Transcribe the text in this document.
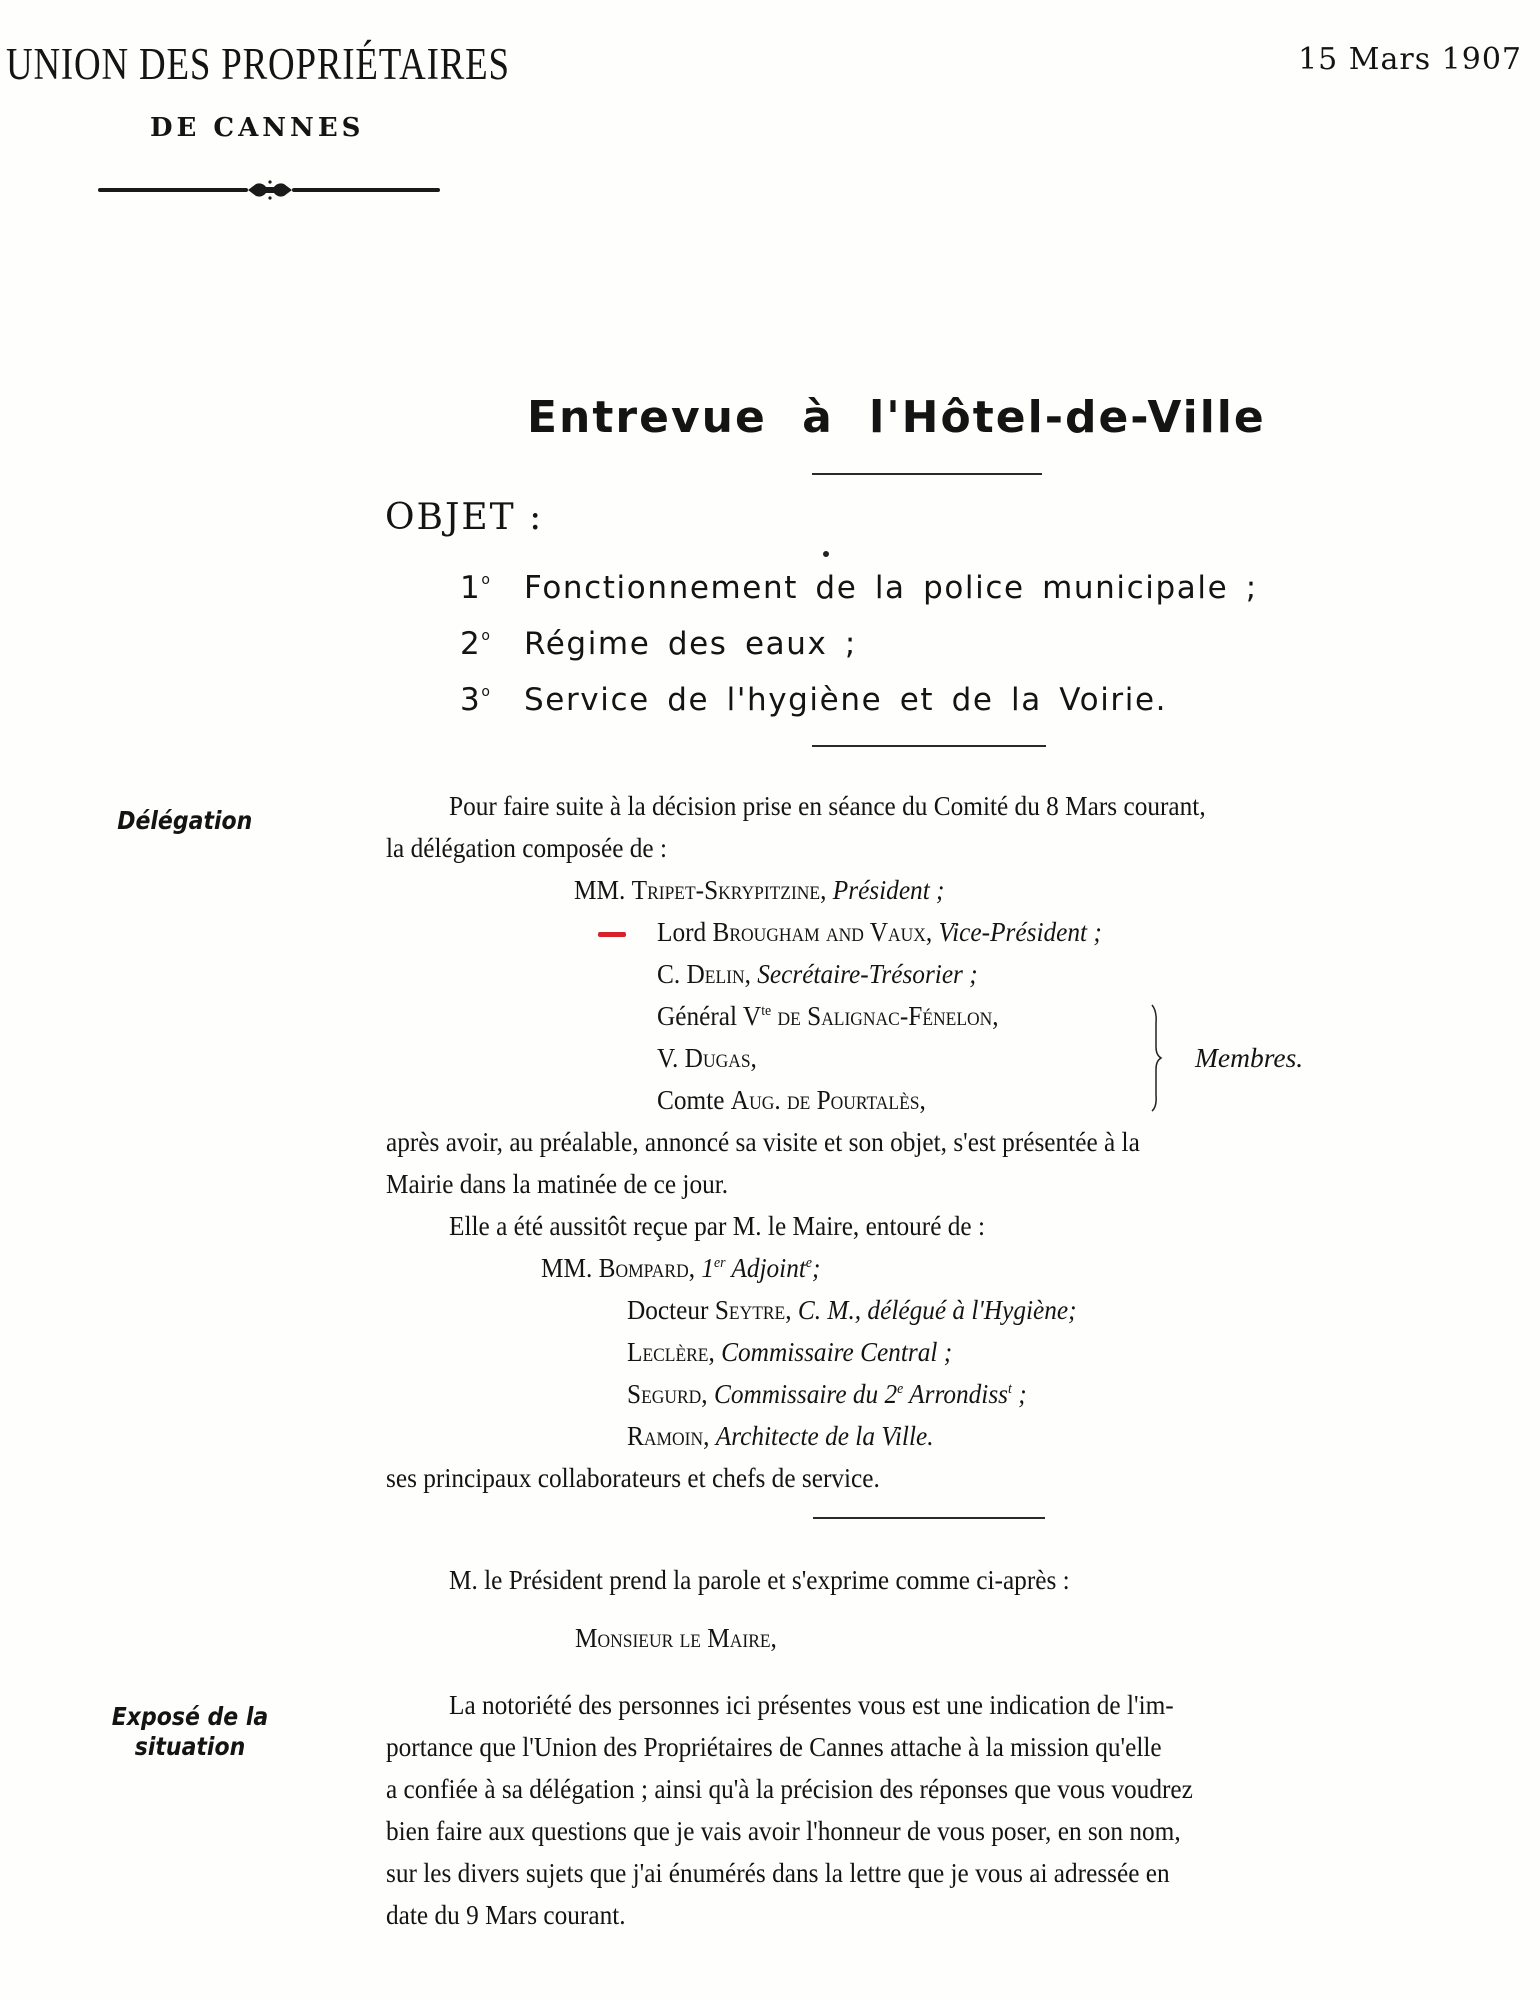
UNION DES PROPRIÉTAIRES
DE CANNES
15 Mars 1907
Entrevue à l'Hôtel-de-Ville
OBJET :
1$^o$ Fonctionnement de la police municipale ;
2$^o$ Régime des eaux ;
3$^o$ Service de l'hygiène et de la Voirie.
Délégation
Exposé de la
situation
Pour faire suite à la décision prise en séance du Comité du 8 Mars courant,
la délégation composée de :
MM. Tripet-Skrypitzine, Président ;
Lord Brougham and Vaux, Vice-Président ;
C. Delin, Secrétaire-Trésorier ;
Général $V^{te}$ de Salignac-Fénelon,
V. Dugas,
Comte Aug. de Pourtalès,
Membres.
après avoir, au préalable, annoncé sa visite et son objet, s'est présentée à la
Mairie dans la matinée de ce jour.
Elle a été aussitôt reçue par M. le Maire, entouré de :
MM. Bompard, 1er Adjoint$^e$;
Docteur Seytre, C. M., délégué à l'Hygiène;
Leclère, Commissaire Central ;
Segurd, Commissaire du 2e Arrondiss$^t$ ;
Ramoin, Architecte de la Ville.
ses principaux collaborateurs et chefs de service.
M. le Président prend la parole et s'exprime comme ci-après :
Monsieur le Maire,
La notoriété des personnes ici présentes vous est une indication de l'im-
portance que l'Union des Propriétaires de Cannes attache à la mission qu'elle
a confiée à sa délégation ; ainsi qu'à la précision des réponses que vous voudrez
bien faire aux questions que je vais avoir l'honneur de vous poser, en son nom,
sur les divers sujets que j'ai énumérés dans la lettre que je vous ai adressée en
date du 9 Mars courant.
